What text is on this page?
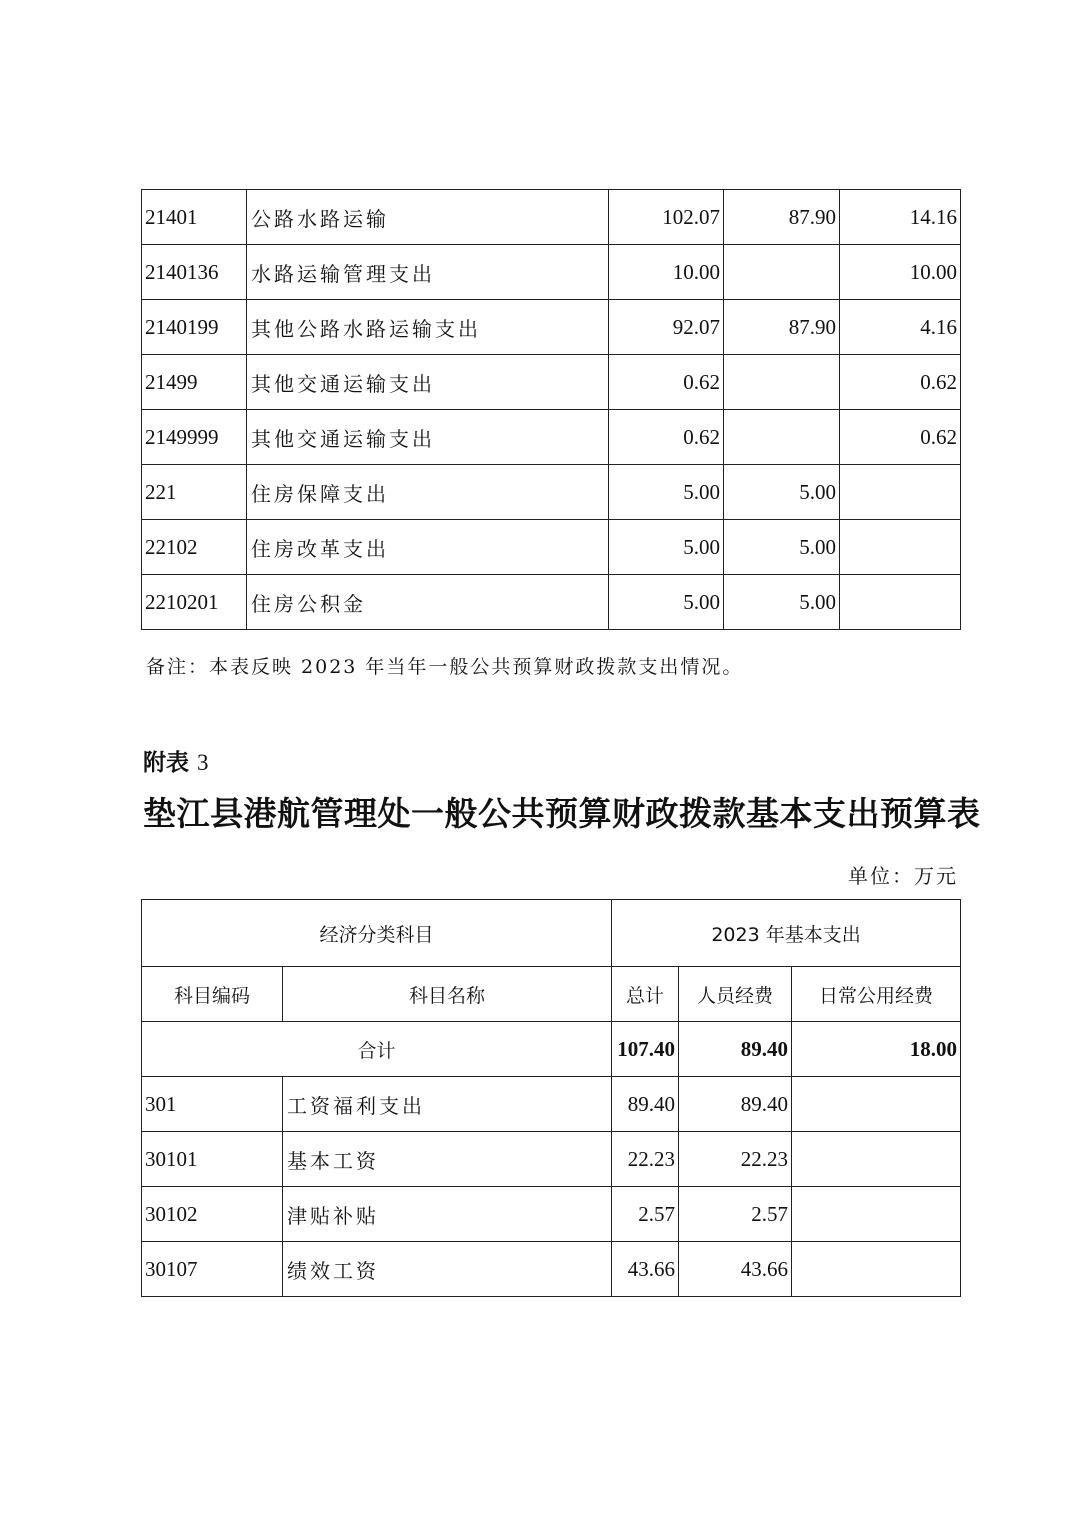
21401	公路水路运输	102.07	87.90	14.16
2140136	水路运输管理支出	10.00		10.00
2140199	其他公路水路运输支出	92.07	87.90	4.16
21499	其他交通运输支出	0.62		0.62
2149999	其他交通运输支出	0.62		0.62
221	住房保障支出	5.00	5.00	
22102	住房改革支出	5.00	5.00	
2210201	住房公积金	5.00	5.00	
备注：本表反映 2023 年当年一般公共预算财政拨款支出情况。
附表 3
垫江县港航管理处一般公共预算财政拨款基本支出预算表
单位：万元
经济分类科目		2023 年基本支出		
科目编码	科目名称	总计	人员经费	日常公用经费
合计		107.40	89.40	18.00
301	工资福利支出	89.40	89.40	
30101	基本工资	22.23	22.23	
30102	津贴补贴	2.57	2.57	
30107	绩效工资	43.66	43.66	
